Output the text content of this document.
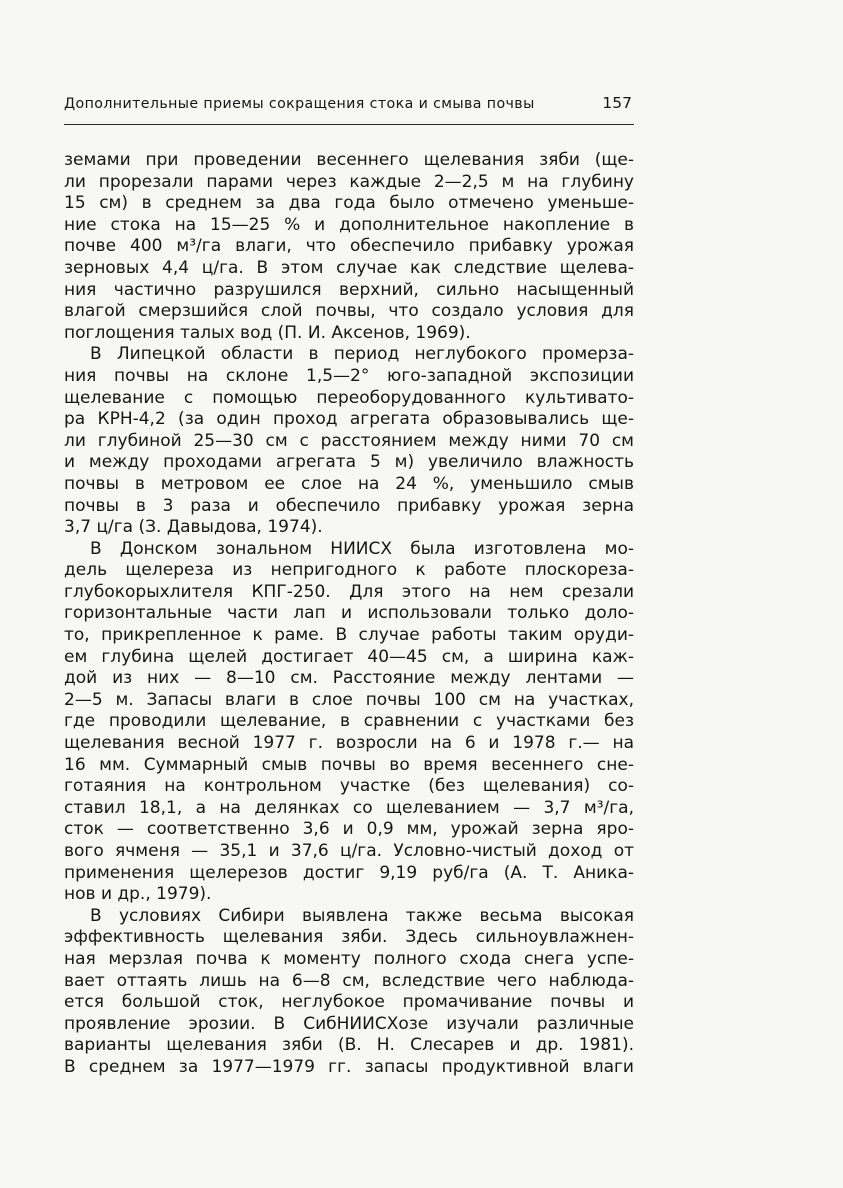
Дополнительные приемы сокращения стока и смыва почвы	157
земами при проведении весеннего щелевания зяби (ще-
ли прорезали парами через каждые 2—2,5 м на глубину
15 см) в среднем за два года было отмечено уменьше-
ние стока на 15—25 % и дополнительное накопление в
почве 400 м³/га влаги, что обеспечило прибавку урожая
зерновых 4,4 ц/га. В этом случае как следствие щелева-
ния частично разрушился верхний, сильно насыщенный
влагой смерзшийся слой почвы, что создало условия для
поглощения талых вод (П. И. Аксенов, 1969).
В Липецкой области в период неглубокого промерза-
ния почвы на склоне 1,5—2° юго-западной экспозиции
щелевание с помощью переоборудованного культивато-
ра КРН-4,2 (за один проход агрегата образовывались ще-
ли глубиной 25—30 см с расстоянием между ними 70 см
и между проходами агрегата 5 м) увеличило влажность
почвы в метровом ее слое на 24 %, уменьшило смыв
почвы в 3 раза и обеспечило прибавку урожая зерна
3,7 ц/га (З. Давыдова, 1974).
В Донском зональном НИИСХ была изготовлена мо-
дель щелереза из непригодного к работе плоскореза-
глубокорыхлителя КПГ-250. Для этого на нем срезали
горизонтальные части лап и использовали только доло-
то, прикрепленное к раме. В случае работы таким оруди-
ем глубина щелей достигает 40—45 см, а ширина каж-
дой из них — 8—10 см. Расстояние между лентами —
2—5 м. Запасы влаги в слое почвы 100 см на участках,
где проводили щелевание, в сравнении с участками без
щелевания весной 1977 г. возросли на 6 и 1978 г.— на
16 мм. Суммарный смыв почвы во время весеннего сне-
готаяния на контрольном участке (без щелевания) со-
ставил 18,1, а на делянках со щелеванием — 3,7 м³/га,
сток — соответственно 3,6 и 0,9 мм, урожай зерна яро-
вого ячменя — 35,1 и 37,6 ц/га. Условно-чистый доход от
применения щелерезов достиг 9,19 руб/га (А. Т. Аника-
нов и др., 1979).
В условиях Сибири выявлена также весьма высокая
эффективность щелевания зяби. Здесь сильноувлажнен-
ная мерзлая почва к моменту полного схода снега успе-
вает оттаять лишь на 6—8 см, вследствие чего наблюда-
ется большой сток, неглубокое промачивание почвы и
проявление эрозии. В СибНИИСХозе изучали различные
варианты щелевания зяби (В. Н. Слесарев и др. 1981).
В среднем за 1977—1979 гг. запасы продуктивной влаги
